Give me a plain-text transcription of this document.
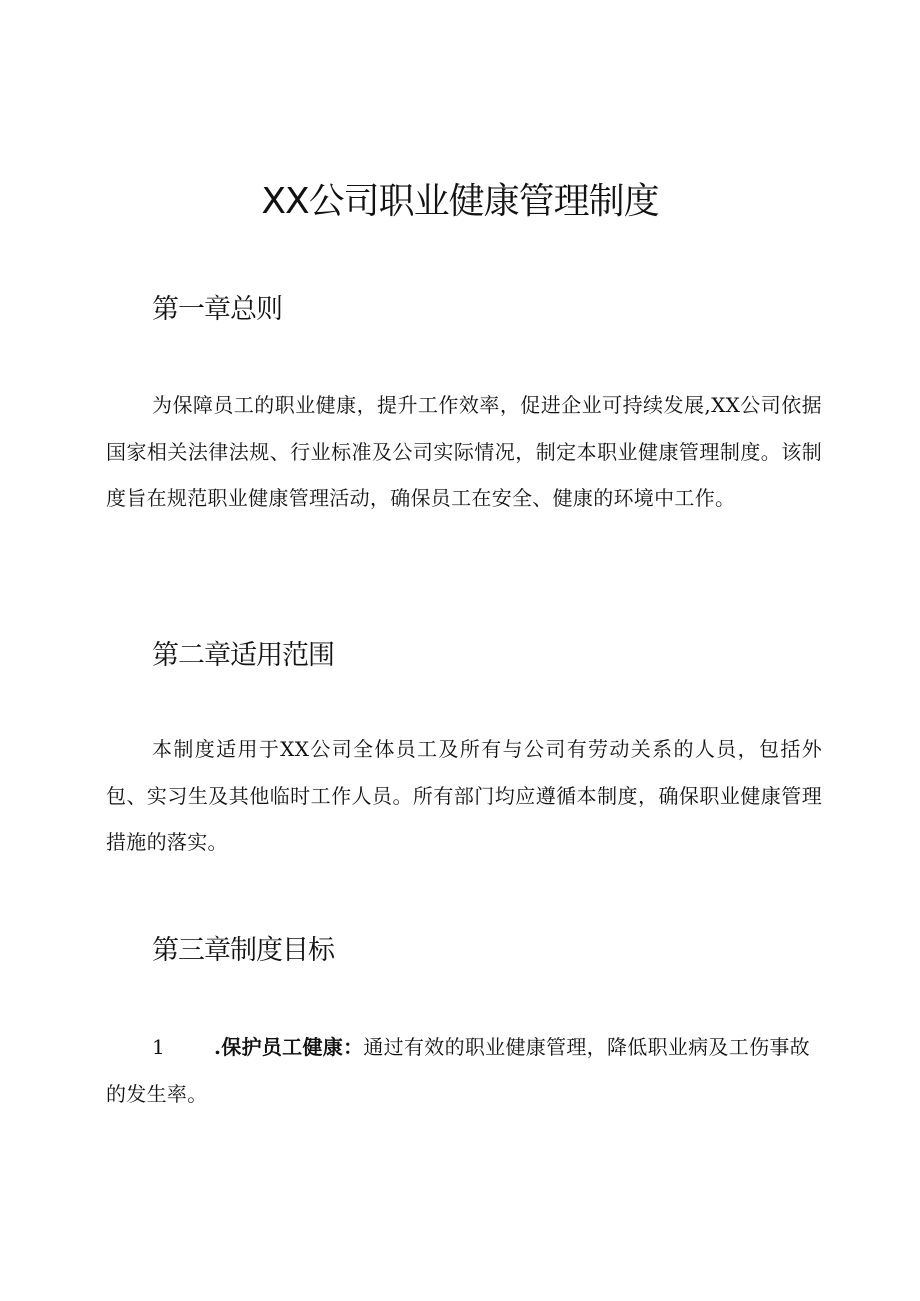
XX公司职业健康管理制度
第一章总则

为保障员工的职业健康，提升工作效率，促进企业可持续发展,XX公司依据国家相关法律法规、行业标准及公司实际情况，制定本职业健康管理制度。该制度旨在规范职业健康管理活动，确保员工在安全、健康的环境中工作。

第二章适用范围

本制度适用于XX公司全体员工及所有与公司有劳动关系的人员，包括外包、实习生及其他临时工作人员。所有部门均应遵循本制度，确保职业健康管理措施的落实。

第三章制度目标

1 .保护员工健康：通过有效的职业健康管理，降低职业病及工伤事故的发生率。
